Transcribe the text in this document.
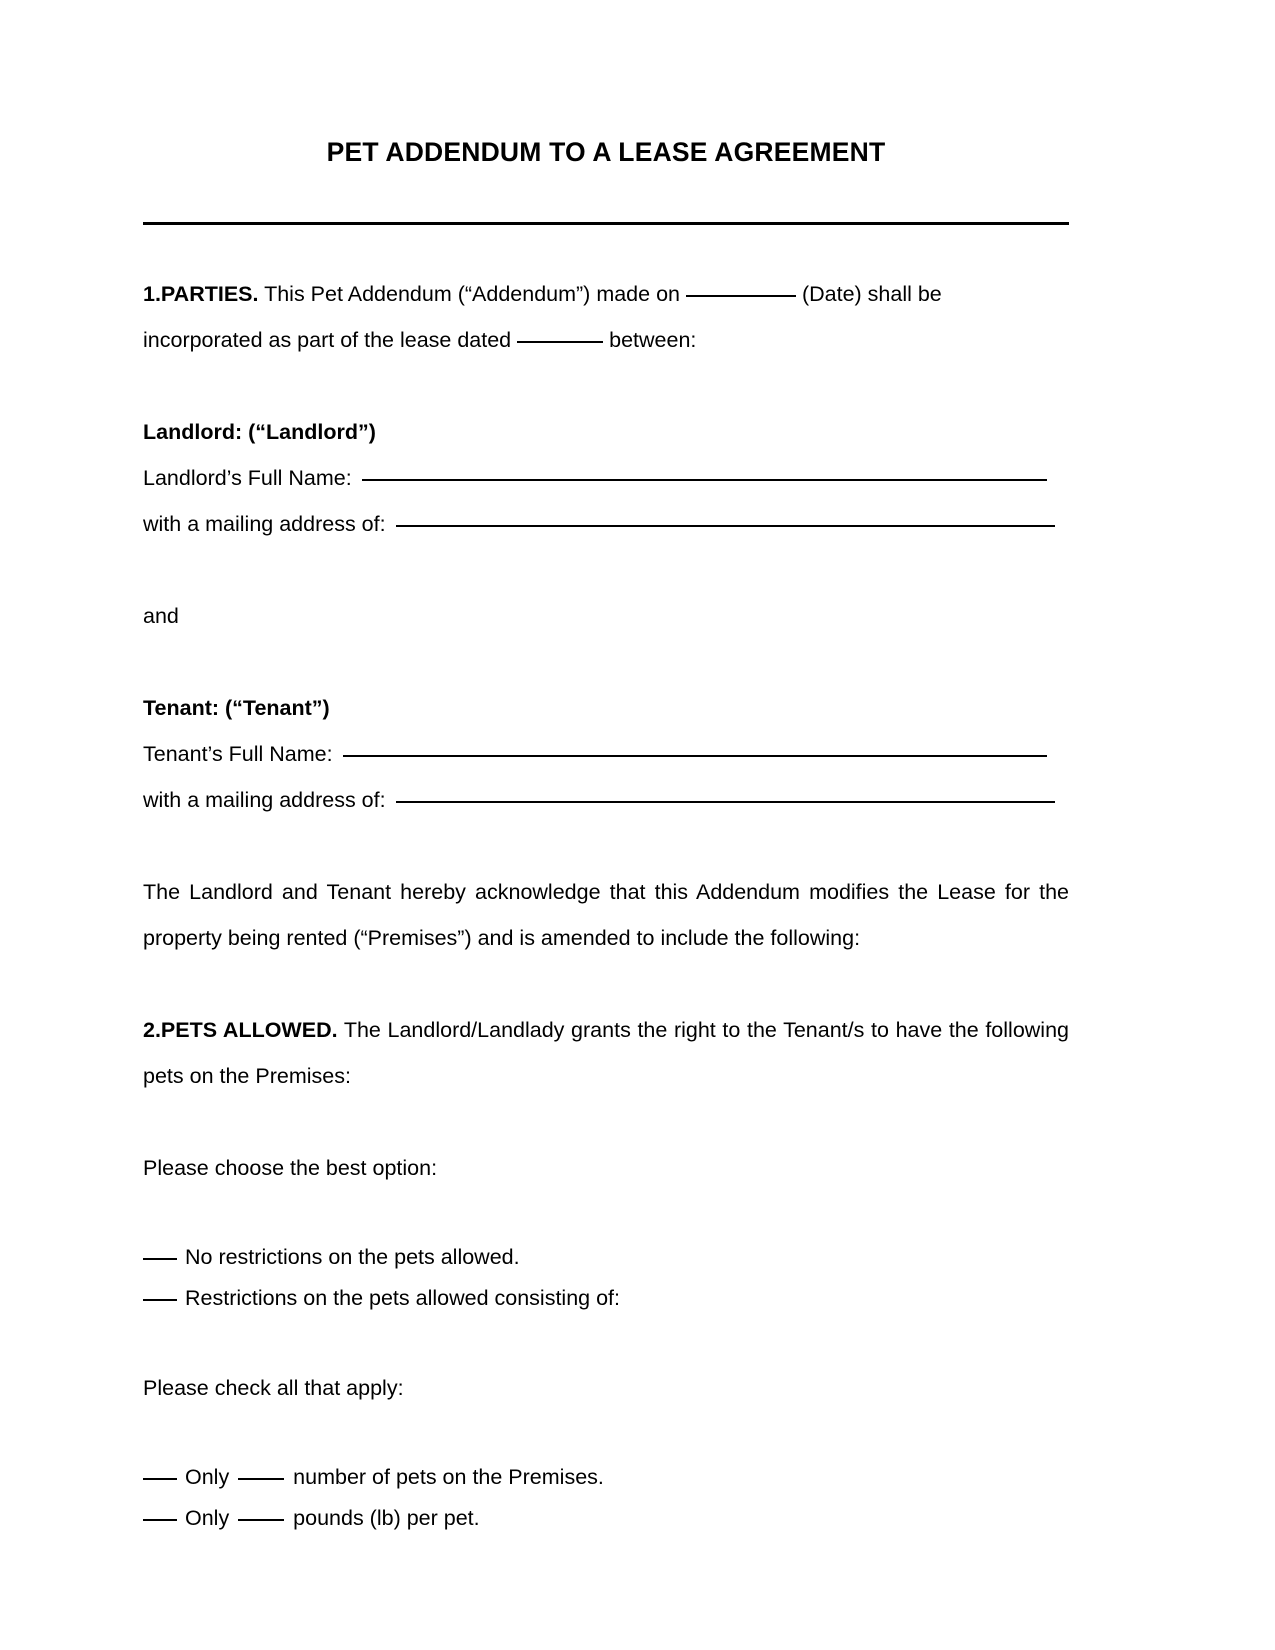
PET ADDENDUM TO A LEASE AGREEMENT

1.PARTIES. This Pet Addendum (“Addendum”) made on	(Date) shall be

incorporated as part of the lease dated	between:

Landlord: (“Landlord”)

Landlord’s Full Name:
with a mailing address of:

and

Tenant: (“Tenant”)

Tenant’s Full Name:
with a mailing address of:

The Landlord and Tenant hereby acknowledge that this Addendum modifies the Lease for the property being rented (“Premises”) and is amended to include the following:

2.PETS ALLOWED. The Landlord/Landlady grants the right to the Tenant/s to have the following pets on the Premises:

Please choose the best option:

No restrictions on the pets allowed.

Restrictions on the pets allowed consisting of:

Please check all that apply:

Only	number of pets on the Premises.

Only	pounds (lb) per pet.
